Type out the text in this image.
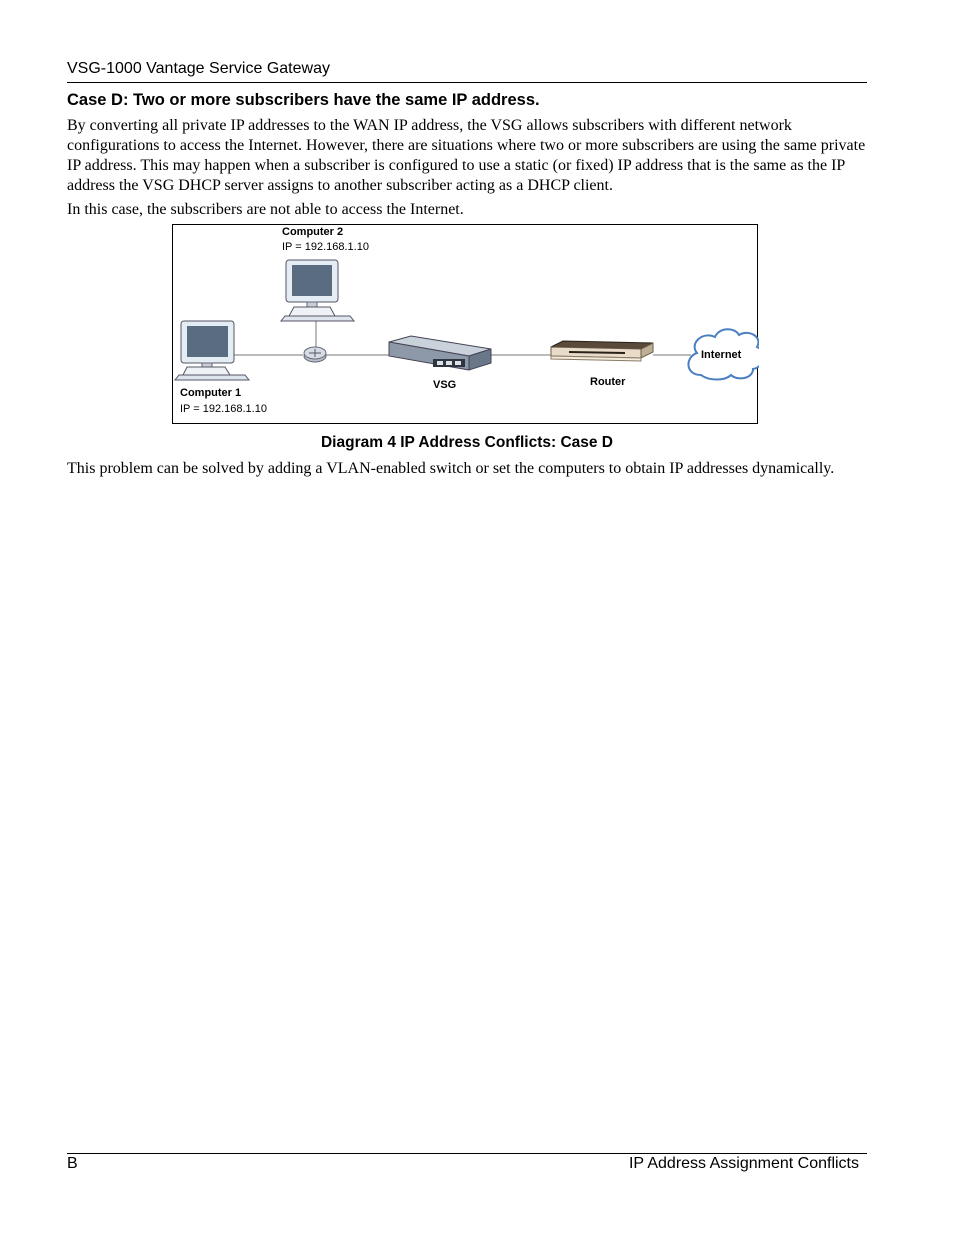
VSG-1000 Vantage Service Gateway
Case D: Two or more subscribers have the same IP address.
By converting all private IP addresses to the WAN IP address, the VSG allows subscribers with different network configurations to access the Internet. However, there are situations where two or more subscribers are using the same private IP address. This may happen when a subscriber is configured to use a static (or fixed) IP address that is the same as the IP address the VSG DHCP server assigns to another subscriber acting as a DHCP client.
In this case, the subscribers are not able to access the Internet.
Computer 2
IP = 192.168.1.10
Computer 1
IP = 192.168.1.10
VSG	Router
Internet
Diagram 4 IP Address Conflicts: Case D
This problem can be solved by adding a VLAN-enabled switch or set the computers to obtain IP addresses dynamically.
B	IP Address Assignment Conflicts
